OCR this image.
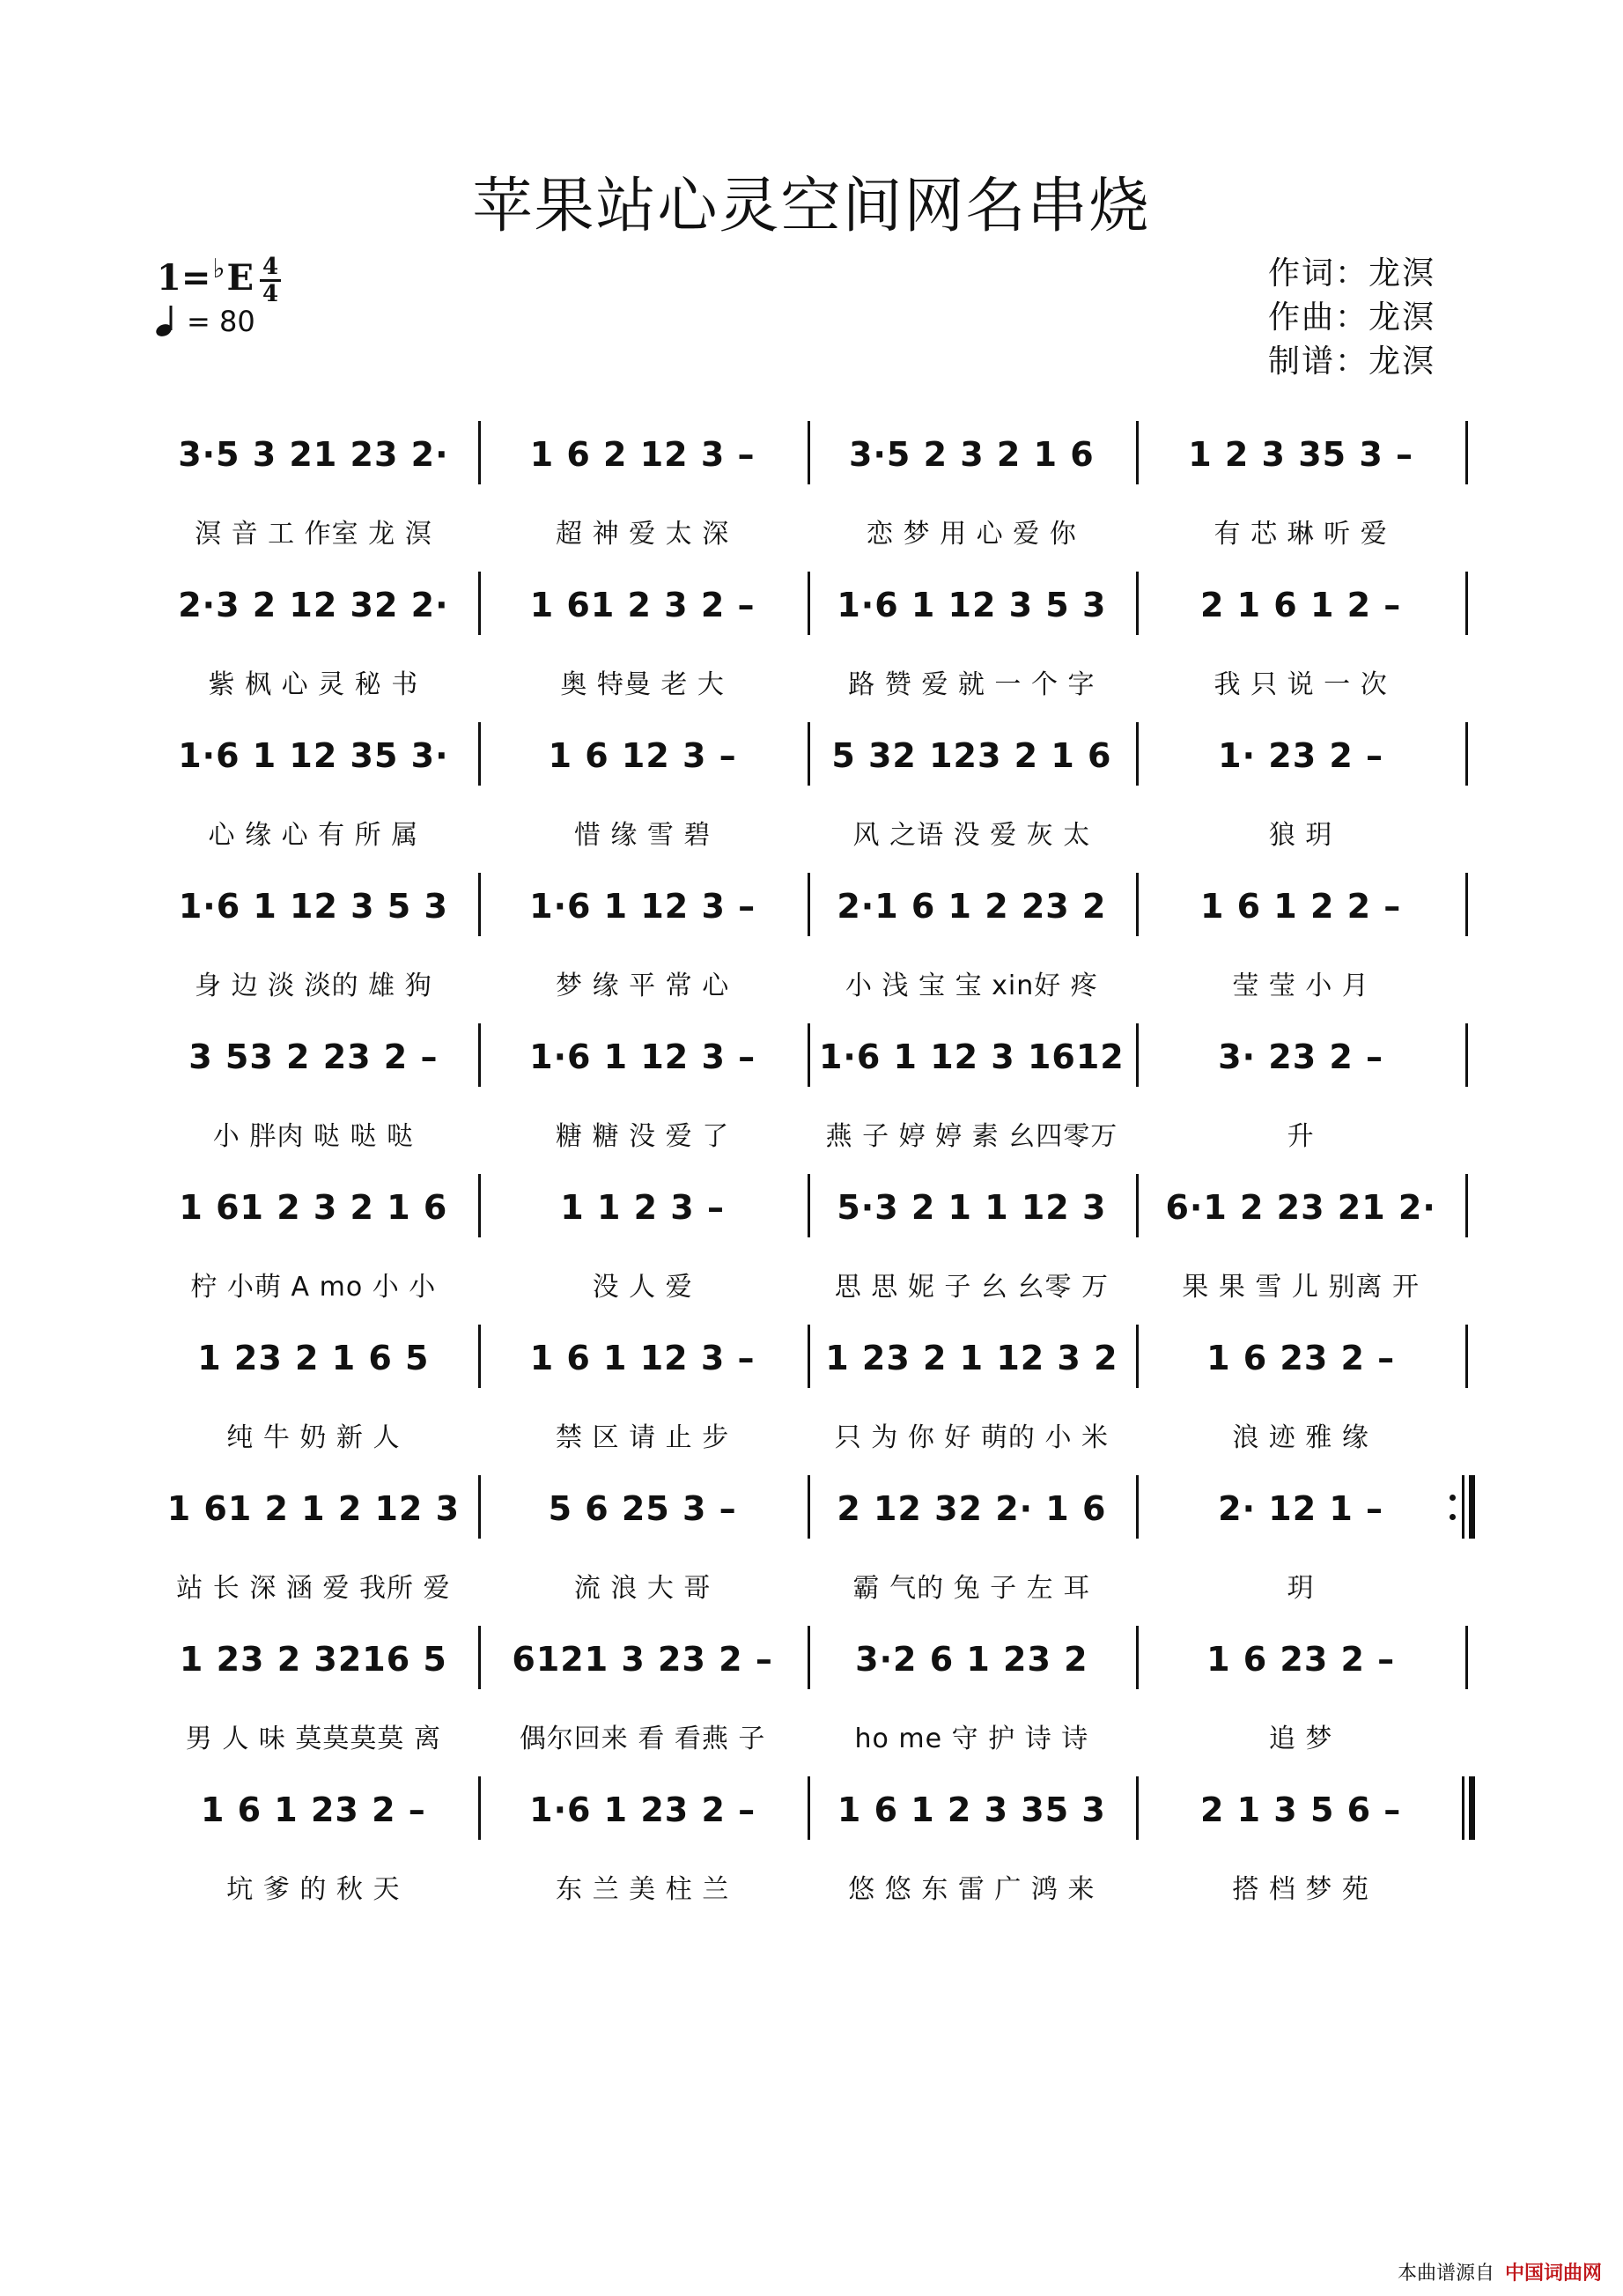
苹果站心灵空间网名串烧
1=♭E 4
4
= 80
作词：龙溟
作曲：龙溟
制谱：龙溟
3·5 3 21 23 2·
溟 音 工 作室 龙 溟
1 6 2 12 3 –
超 神 爱 太 深
3·5 2 3 2 1 6
恋 梦 用 心 爱 你
1 2 3 35 3 –
有 芯 琳 听 爱
2·3 2 12 32 2·
紫 枫 心 灵 秘 书
1 61 2 3 2 –
奥 特曼 老 大
1·6 1 12 3 5 3
路 赞 爱 就 一 个 字
2 1 6 1 2 –
我 只 说 一 次
1·6 1 12 35 3·
心 缘 心 有 所 属
1 6 12 3 –
惜 缘 雪 碧
5 32 123 2 1 6
风 之语 没 爱 灰 太
1· 23 2 –
狼 玥
1·6 1 12 3 5 3
身 边 淡 淡的 雄 狗
1·6 1 12 3 –
梦 缘 平 常 心
2·1 6 1 2 23 2
小 浅 宝 宝 xin好 疼
1 6 1 2 2 –
莹 莹 小 月
3 53 2 23 2 –
小 胖肉 哒 哒 哒
1·6 1 12 3 –
糖 糖 没 爱 了
1·6 1 12 3 1612
燕 子 婷 婷 素 幺四零万
3· 23 2 –
升
1 61 2 3 2 1 6
柠 小萌 A mo 小 小
1 1 2 3 –
没 人 爱
5·3 2 1 1 12 3
思 思 妮 子 幺 幺零 万
6·1 2 23 21 2·
果 果 雪 儿 别离 开
1 23 2 1 6 5
纯 牛 奶 新 人
1 6 1 12 3 –
禁 区 请 止 步
1 23 2 1 12 3 2
只 为 你 好 萌的 小 米
1 6 23 2 –
浪 迹 雅 缘
1 61 2 1 2 12 3
站 长 深 涵 爱 我所 爱
5 6 25 3 –
流 浪 大 哥
2 12 32 2· 1 6
霸 气的 兔 子 左 耳
2· 12 1 –
玥
1 23 2 3216 5
男 人 味 莫莫莫莫 离
6121 3 23 2 –
偶尔回来 看 看燕 子
3·2 6 1 23 2
ho me 守 护 诗 诗
1 6 23 2 –
追 梦
1 6 1 23 2 –
坑 爹 的 秋 天
1·6 1 23 2 –
东 兰 美 柱 兰
1 6 1 2 3 35 3
悠 悠 东 雷 广 鸿 来
2 1 3 5 6 –
搭 档 梦 苑
本曲谱源自 中国词曲网
